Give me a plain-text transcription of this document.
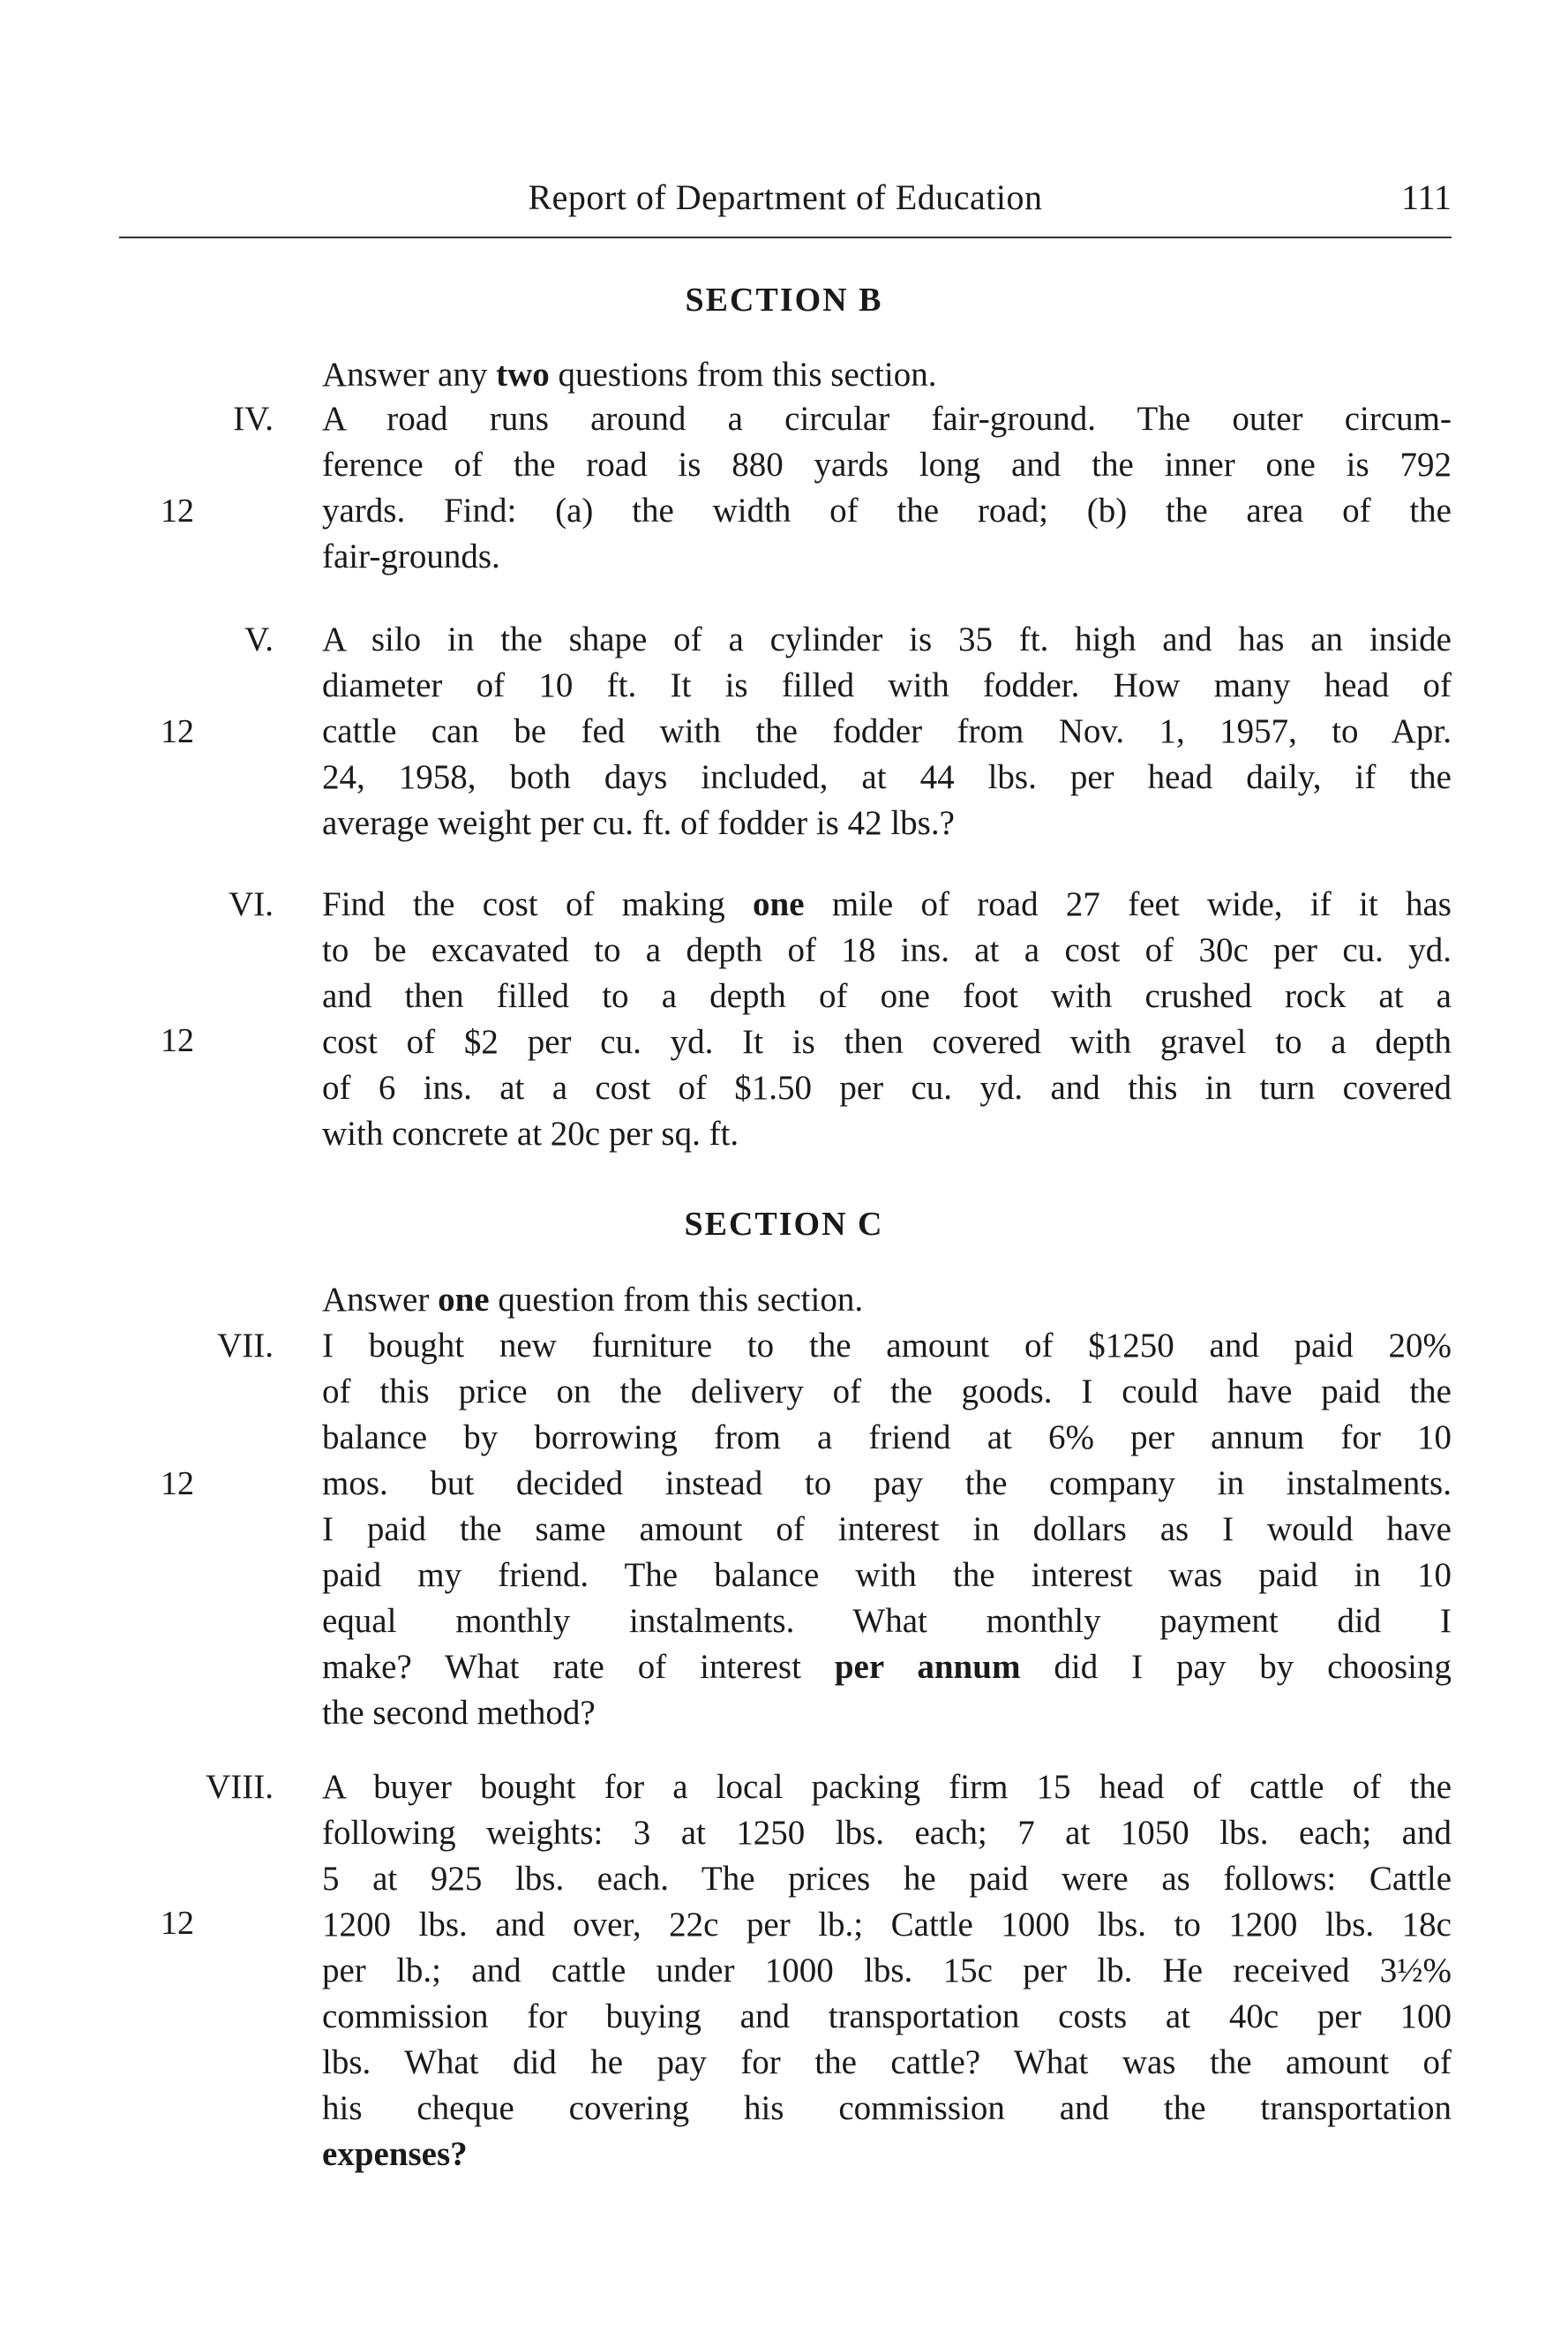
Report of Department of Education	111
SECTION B
Answer any two questions from this section.
IV.
12
A road runs around a circular fair-ground. The outer circum-
ference of the road is 880 yards long and the inner one is 792
yards. Find: (a) the width of the road; (b) the area of the
fair-grounds.
V.
12
A silo in the shape of a cylinder is 35 ft. high and has an inside
diameter of 10 ft. It is filled with fodder. How many head of
cattle can be fed with the fodder from Nov. 1, 1957, to Apr.
24, 1958, both days included, at 44 lbs. per head daily, if the
average weight per cu. ft. of fodder is 42 lbs.?
VI.
12
Find the cost of making one mile of road 27 feet wide, if it has
to be excavated to a depth of 18 ins. at a cost of 30c per cu. yd.
and then filled to a depth of one foot with crushed rock at a
cost of $2 per cu. yd. It is then covered with gravel to a depth
of 6 ins. at a cost of $1.50 per cu. yd. and this in turn covered
with concrete at 20c per sq. ft.
SECTION C
Answer one question from this section.
VII.
12
I bought new furniture to the amount of $1250 and paid 20%
of this price on the delivery of the goods. I could have paid the
balance by borrowing from a friend at 6% per annum for 10
mos. but decided instead to pay the company in instalments.
I paid the same amount of interest in dollars as I would have
paid my friend. The balance with the interest was paid in 10
equal monthly instalments. What monthly payment did I
make? What rate of interest per annum did I pay by choosing
the second method?
VIII.
12
A buyer bought for a local packing firm 15 head of cattle of the
following weights: 3 at 1250 lbs. each; 7 at 1050 lbs. each; and
5 at 925 lbs. each. The prices he paid were as follows: Cattle
1200 lbs. and over, 22c per lb.; Cattle 1000 lbs. to 1200 lbs. 18c
per lb.; and cattle under 1000 lbs. 15c per lb. He received 3½%
commission for buying and transportation costs at 40c per 100
lbs. What did he pay for the cattle? What was the amount of
his cheque covering his commission and the transportation
expenses?
